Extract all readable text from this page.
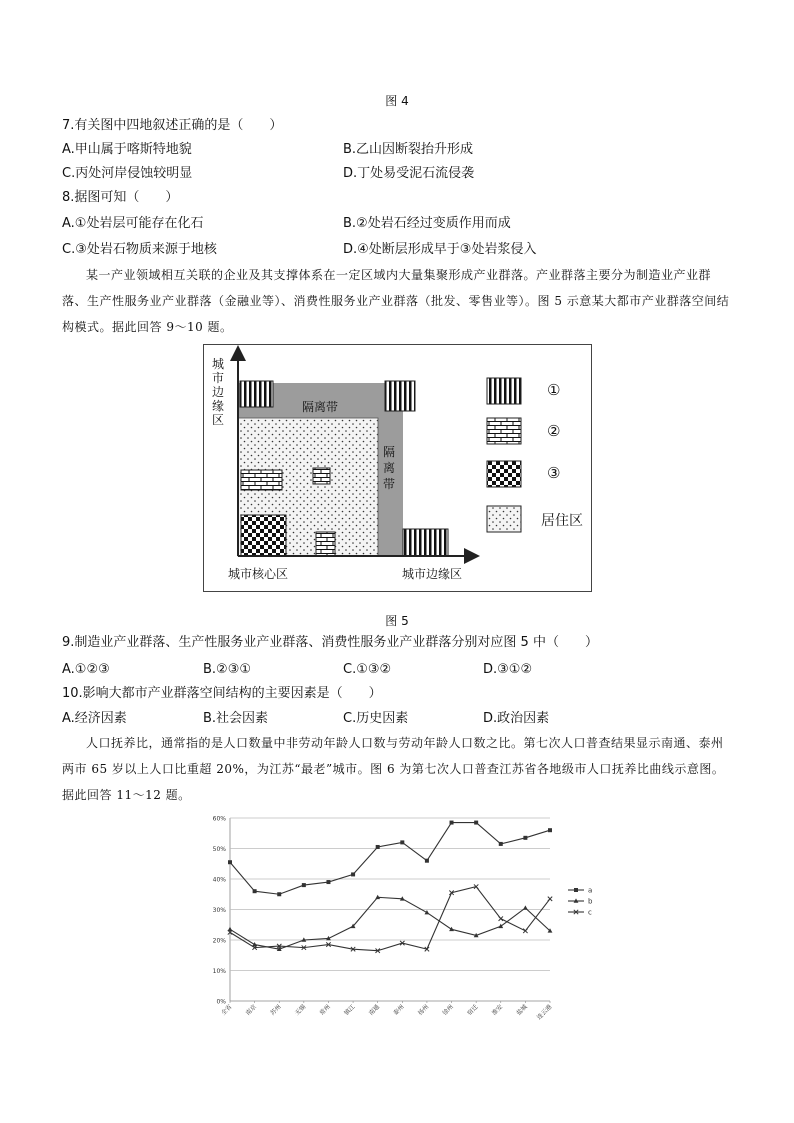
图 4
7.有关图中四地叙述正确的是（　　）
A.甲山属于喀斯特地貌	B.乙山因断裂抬升形成
C.丙处河岸侵蚀较明显	D.丁处易受泥石流侵袭
8.据图可知（　　）
A.①处岩层可能存在化石	B.②处岩石经过变质作用而成
C.③处岩石物质来源于地核	D.④处断层形成早于③处岩浆侵入
某一产业领域相互关联的企业及其支撑体系在一定区域内大量集聚形成产业群落。产业群落主要分为制造业产业群落、生产性服务业产业群落（金融业等）、消费性服务业产业群落（批发、零售业等）。图 5 示意某大都市产业群落空间结构模式。据此回答 9～10 题。
城市边缘区
隔离带
隔离带
城市核心区	城市边缘区
①
②
③
居住区
图 5
9.制造业产业群落、生产性服务业产业群落、消费性服务业产业群落分别对应图 5 中（　　）
A.①②③	B.②③①	C.①③②	D.③①②
10.影响大都市产业群落空间结构的主要因素是（　　）
A.经济因素	B.社会因素	C.历史因素	D.政治因素
人口抚养比，通常指的是人口数量中非劳动年龄人口数与劳动年龄人口数之比。第七次人口普查结果显示南通、泰州两市 65 岁以上人口比重超 20%，为江苏“最老”城市。图 6 为第七次人口普查江苏省各地级市人口抚养比曲线示意图。据此回答 11～12 题。
0%
10%
20%
30%
40%
50%
60%
全省 南京 苏州 无锡 常州 镇江 南通 泰州 扬州 徐州 宿迁 淮安 盐城 连云港
a
b
c
